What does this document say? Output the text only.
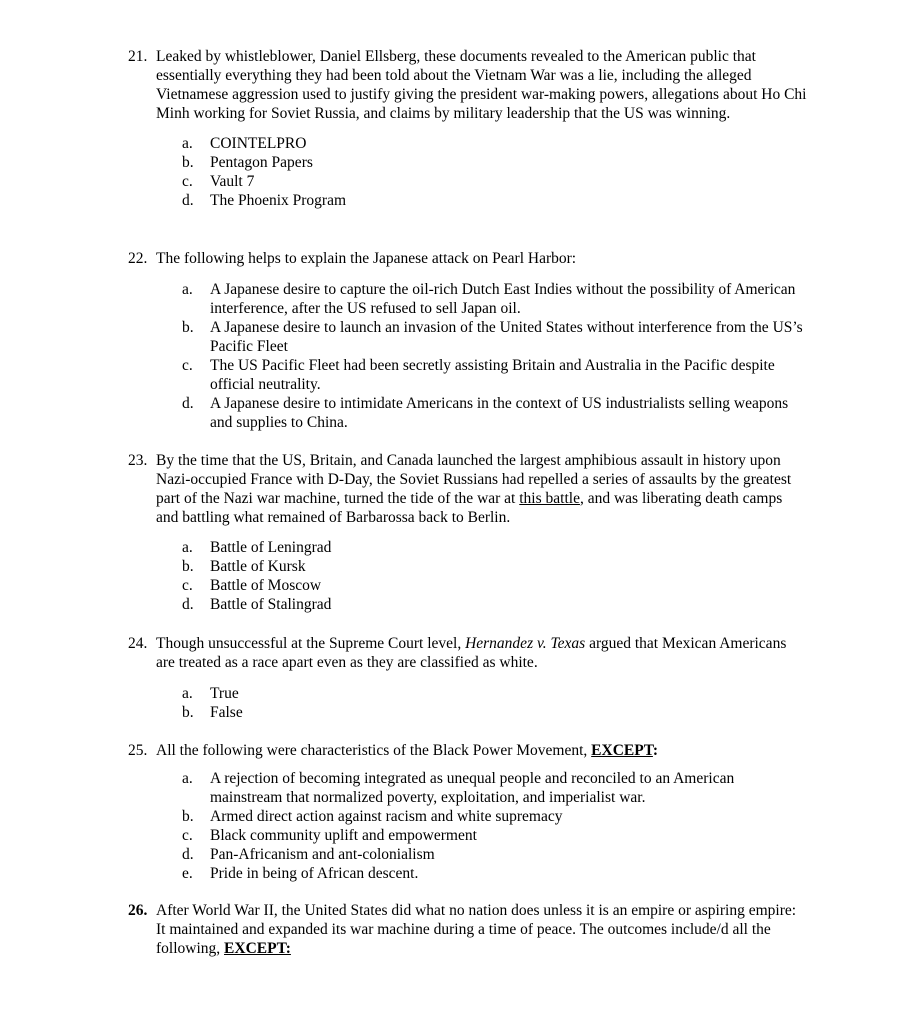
21. Leaked by whistleblower, Daniel Ellsberg, these documents revealed to the American public that essentially everything they had been told about the Vietnam War was a lie, including the alleged Vietnamese aggression used to justify giving the president war-making powers, allegations about Ho Chi Minh working for Soviet Russia, and claims by military leadership that the US was winning.
a. COINTELPRO
b. Pentagon Papers
c. Vault 7
d. The Phoenix Program
22. The following helps to explain the Japanese attack on Pearl Harbor:
a. A Japanese desire to capture the oil-rich Dutch East Indies without the possibility of American interference, after the US refused to sell Japan oil.
b. A Japanese desire to launch an invasion of the United States without interference from the US’s Pacific Fleet
c. The US Pacific Fleet had been secretly assisting Britain and Australia in the Pacific despite official neutrality.
d. A Japanese desire to intimidate Americans in the context of US industrialists selling weapons and supplies to China.
23. By the time that the US, Britain, and Canada launched the largest amphibious assault in history upon Nazi-occupied France with D-Day, the Soviet Russians had repelled a series of assaults by the greatest part of the Nazi war machine, turned the tide of the war at this battle, and was liberating death camps and battling what remained of Barbarossa back to Berlin.
a. Battle of Leningrad
b. Battle of Kursk
c. Battle of Moscow
d. Battle of Stalingrad
24. Though unsuccessful at the Supreme Court level, Hernandez v. Texas argued that Mexican Americans are treated as a race apart even as they are classified as white.
a. True
b. False
25. All the following were characteristics of the Black Power Movement, EXCEPT:
a. A rejection of becoming integrated as unequal people and reconciled to an American mainstream that normalized poverty, exploitation, and imperialist war.
b. Armed direct action against racism and white supremacy
c. Black community uplift and empowerment
d. Pan-Africanism and ant-colonialism
e. Pride in being of African descent.
26. After World War II, the United States did what no nation does unless it is an empire or aspiring empire: It maintained and expanded its war machine during a time of peace. The outcomes include/d all the following, EXCEPT:
